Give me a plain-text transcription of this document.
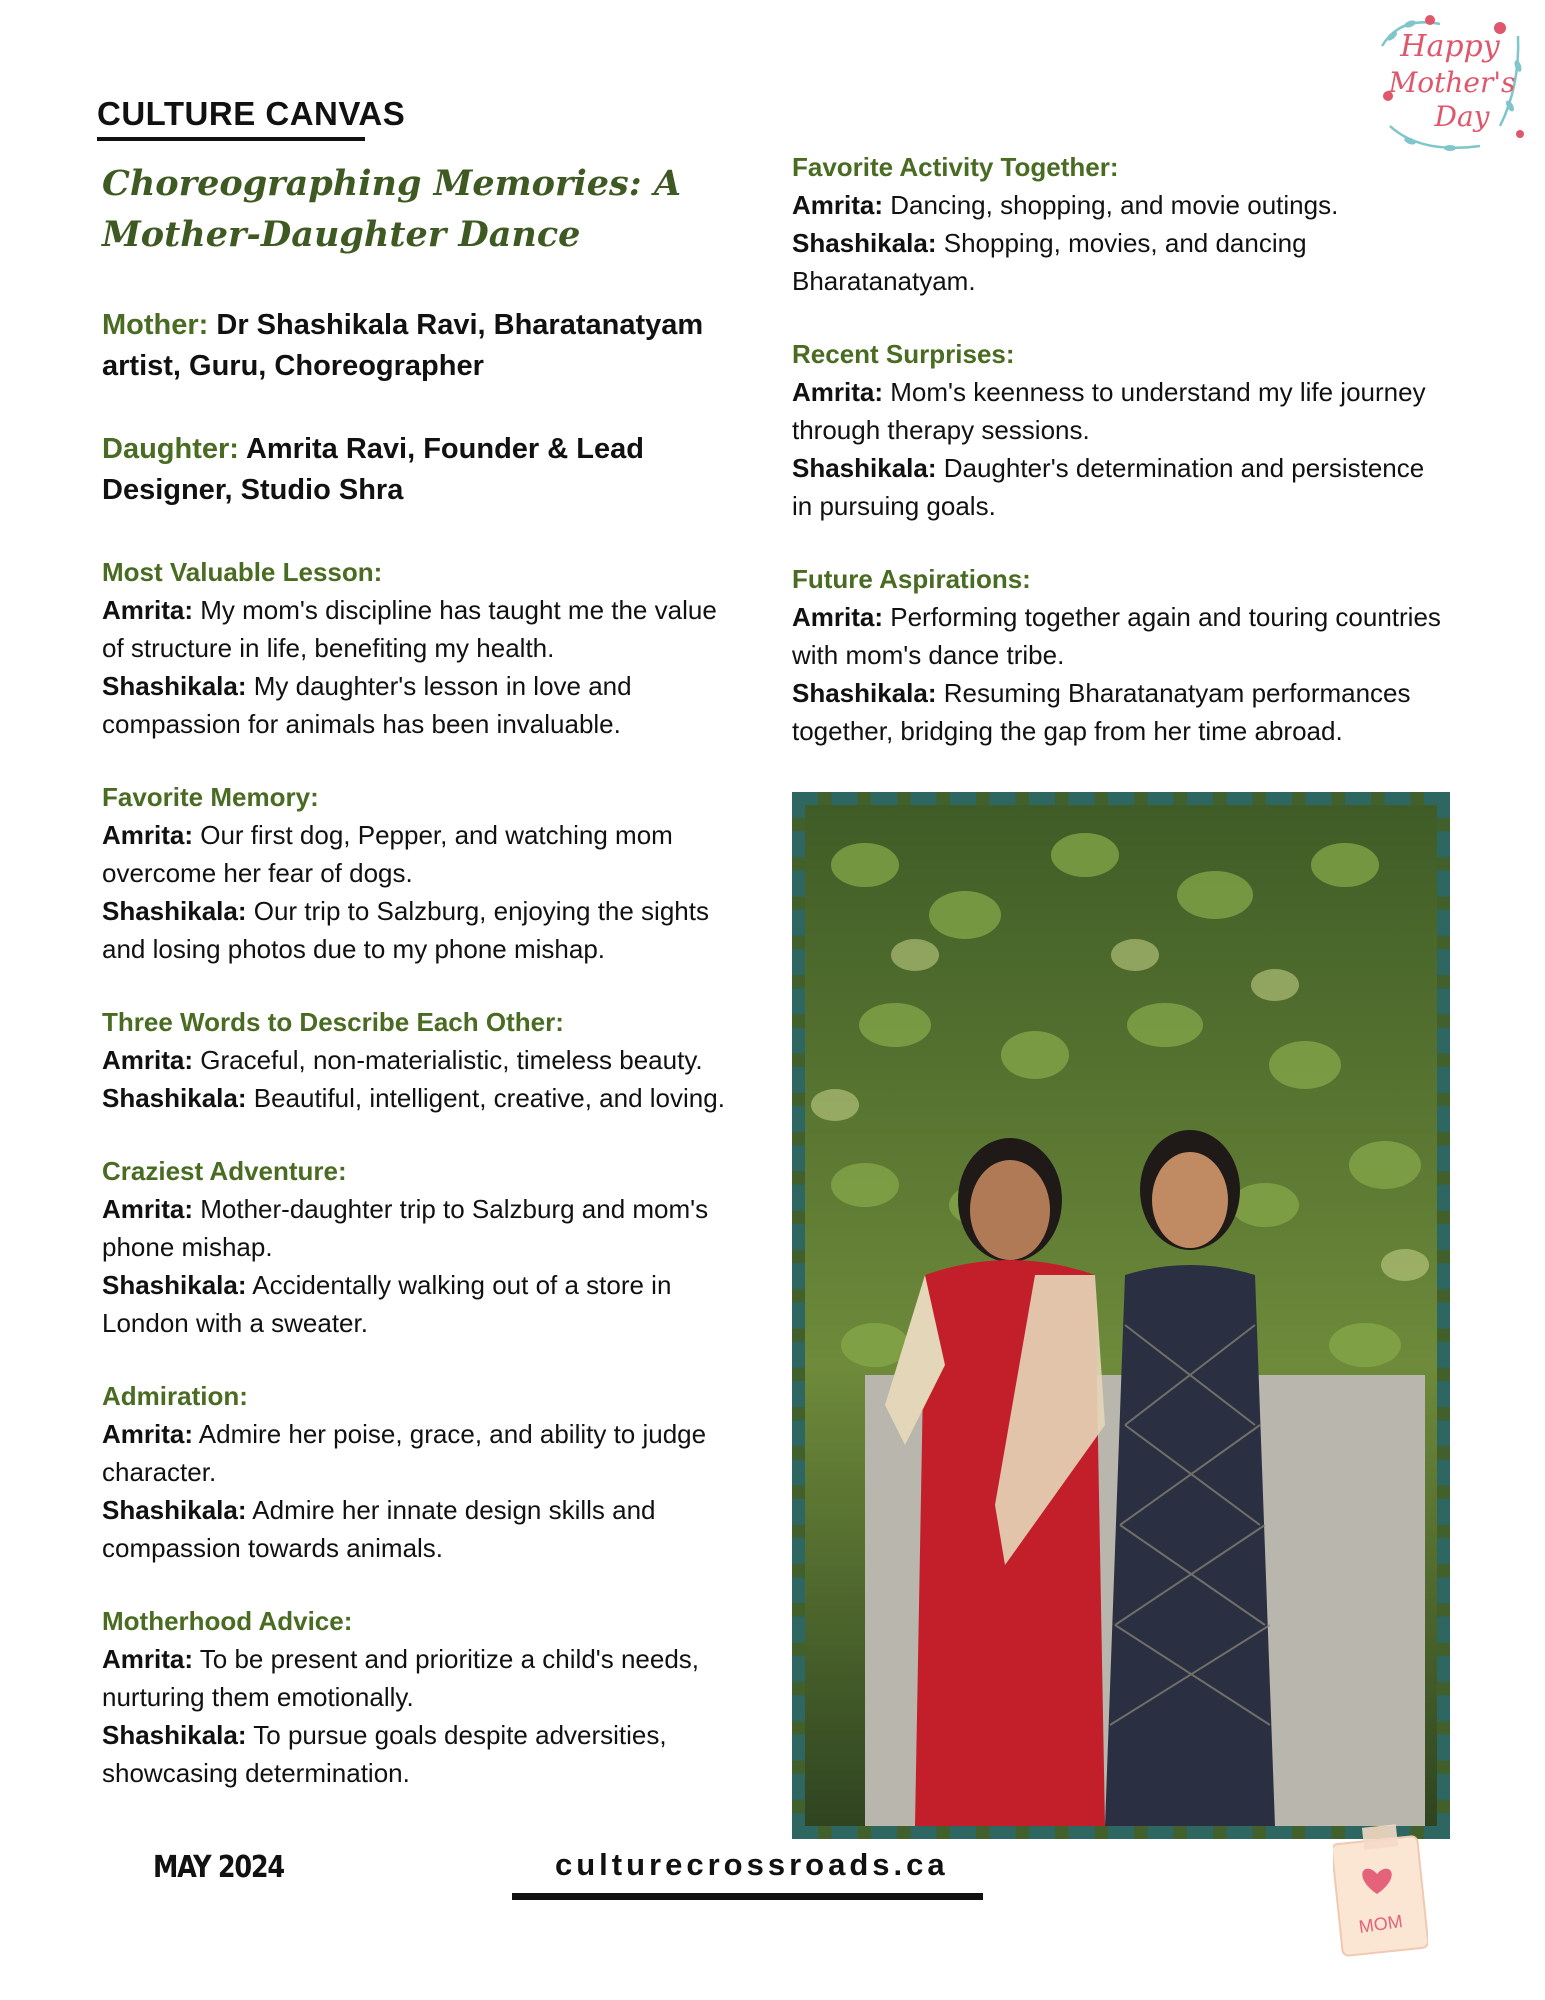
CULTURE CANVAS
Happy
Mother's
Day
Choreographing Memories: A Mother-Daughter Dance
Mother: Dr Shashikala Ravi, Bharatanatyam artist, Guru, Choreographer
Daughter: Amrita Ravi, Founder & Lead Designer, Studio Shra
Most Valuable Lesson:

Amrita: My mom's discipline has taught me the value of structure in life, benefiting my health.

Shashikala: My daughter's lesson in love and compassion for animals has been invaluable.

Favorite Memory:

Amrita: Our first dog, Pepper, and watching mom overcome her fear of dogs.

Shashikala: Our trip to Salzburg, enjoying the sights and losing photos due to my phone mishap.

Three Words to Describe Each Other:

Amrita: Graceful, non-materialistic, timeless beauty.

Shashikala: Beautiful, intelligent, creative, and loving.

Craziest Adventure:

Amrita: Mother-daughter trip to Salzburg and mom's phone mishap.

Shashikala: Accidentally walking out of a store in London with a sweater.

Admiration:

Amrita: Admire her poise, grace, and ability to judge character.

Shashikala: Admire her innate design skills and compassion towards animals.

Motherhood Advice:

Amrita: To be present and prioritize a child's needs, nurturing them emotionally.

Shashikala: To pursue goals despite adversities, showcasing determination.

Favorite Activity Together:

Amrita: Dancing, shopping, and movie outings.

Shashikala: Shopping, movies, and dancing Bharatanatyam.

Recent Surprises:

Amrita: Mom's keenness to understand my life journey through therapy sessions.

Shashikala: Daughter's determination and persistence in pursuing goals.

Future Aspirations:

Amrita: Performing together again and touring countries with mom's dance tribe.

Shashikala: Resuming Bharatanatyam performances together, bridging the gap from her time abroad.

MAY 2024	culturecrossroads.ca
MOM
